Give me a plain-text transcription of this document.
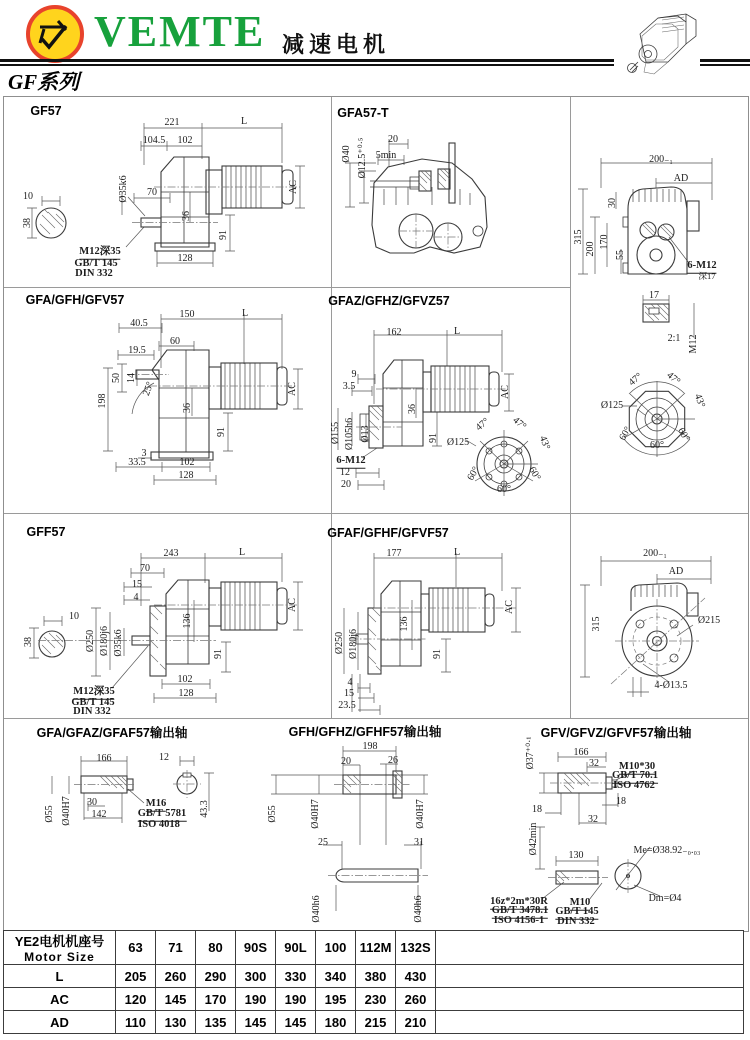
VEMTE 减速电机
GF系列
GF57
221	L
104.5 102
Ø35k6 70
36
AC
91
128
10
38
M12深35
GB/T 145
DIN 332
GFA57-T
20
5min
Ø40 Ø12.5⁺⁰·⁵	200₋₁
AD
315
30
200 170
55
6-M12
深17
17
2:1 M12
Ø125
47° 47°
43°
60°
60°
60°
GFA/GFH/GFV57
150	L
40.5
60
19.5
50 14
25°
198	36
AC
91
3
33.5	102
128
GFAZ/GFHZ/GFVZ57
162	L
9
3.5
Ø155 Ø105h6 Ø13
36
AC
91
6-M12
12
20
Ø125
47° 47°
43°
60°
60°
60°
GFF57
243	L
70
15
4
10
38	Ø250 Ø180j6 Ø35k6
136
AC
91
102
128
M12深35
GB/T 145
DIN 332
GFAF/GFHF/GFVF57
177	L
Ø250 Ø180j6
136
AC
91
4
15
23.5
200₋₁
AD
315	Ø215
4-Ø13.5
GFA/GFAZ/GFAF57输出轴
166	12
Ø55 Ø40H7 30
142	43.3
M16
GB/T 5781
ISO 4018
GFH/GFHZ/GFHF57输出轴
198
20	26
Ø55	Ø40H7	Ø40H7
25	31
Ø40h6	Ø40h6
GFV/GFVZ/GFVF57输出轴
Ø37⁺⁰·¹	166
32 M10*30
GB/T 70.1
ISO 4762
18
18
32
Ø42min
130	Me=Ø38.92₋₀.₀₃
Dm=Ø4
16z*2m*30R
GB/T 3478.1
ISO 4156-1
M10
GB/T 145
DIN 332
YE2电机机座号
Motor Size	63	71	80	90S	90L	100	112M	132S	
L	205	260	290	300	330	340	380	430	
AC	120	145	170	190	190	195	230	260	
AD	110	130	135	145	145	180	215	210	
